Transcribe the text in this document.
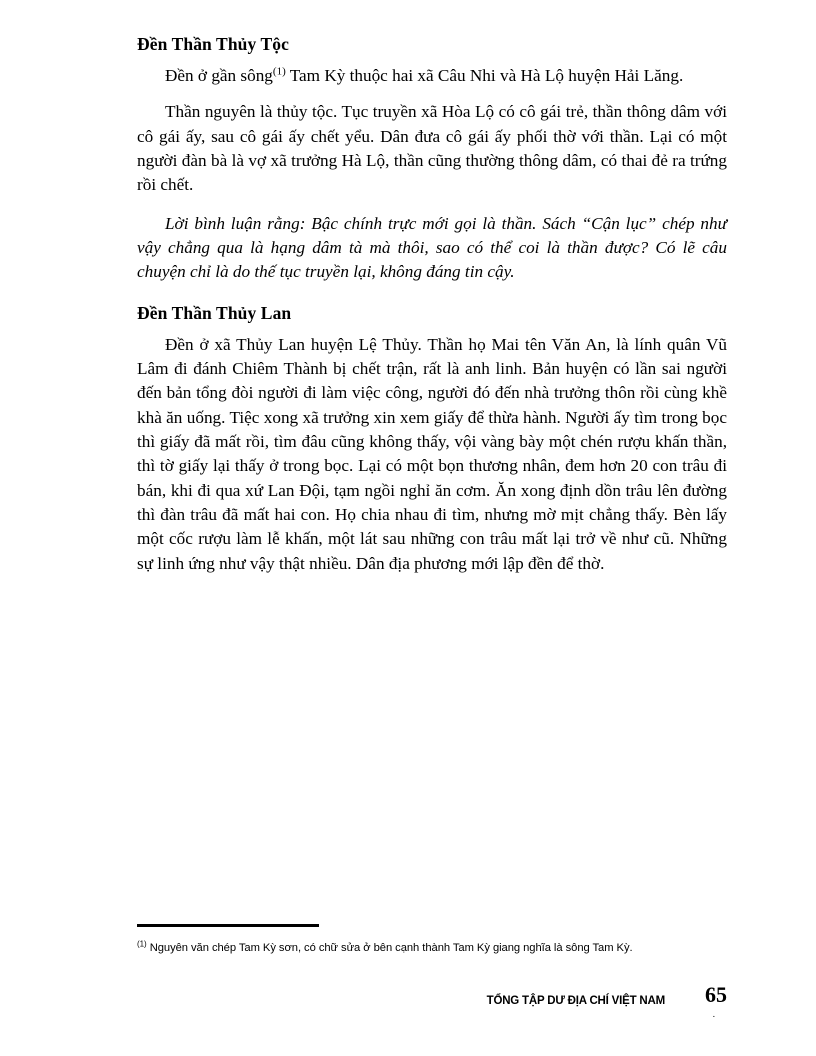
Đền Thần Thủy Tộc

Đền ở gần sông$^{(1)}$ Tam Kỳ thuộc hai xã Câu Nhi và Hà Lộ huyện Hải Lăng.

Thần nguyên là thủy tộc. Tục truyền xã Hòa Lộ có cô gái trẻ, thần thông dâm với cô gái ấy, sau cô gái ấy chết yểu. Dân đưa cô gái ấy phối thờ với thần. Lại có một người đàn bà là vợ xã trưởng Hà Lộ, thần cũng thường thông dâm, có thai đẻ ra trứng rồi chết.

Lời bình luận rằng: Bậc chính trực mới gọi là thần. Sách “Cận lục” chép như vậy chẳng qua là hạng dâm tà mà thôi, sao có thể coi là thần được? Có lẽ câu chuyện chỉ là do thế tục truyền lại, không đáng tin cậy.

Đền Thần Thủy Lan

Đền ở xã Thủy Lan huyện Lệ Thủy. Thần họ Mai tên Văn An, là lính quân Vũ Lâm đi đánh Chiêm Thành bị chết trận, rất là anh linh. Bản huyện có lần sai người đến bản tổng đòi người đi làm việc công, người đó đến nhà trưởng thôn rồi cùng khề khà ăn uống. Tiệc xong xã trưởng xin xem giấy để thừa hành. Người ấy tìm trong bọc thì giấy đã mất rồi, tìm đâu cũng không thấy, vội vàng bày một chén rượu khấn thần, thì tờ giấy lại thấy ở trong bọc. Lại có một bọn thương nhân, đem hơn 20 con trâu đi bán, khi đi qua xứ Lan Đội, tạm ngồi nghỉ ăn cơm. Ăn xong định dồn trâu lên đường thì đàn trâu đã mất hai con. Họ chia nhau đi tìm, nhưng mờ mịt chẳng thấy. Bèn lấy một cốc rượu làm lễ khấn, một lát sau những con trâu mất lại trở về như cũ. Những sự linh ứng như vậy thật nhiều. Dân địa phương mới lập đền để thờ.

$^{(1)}$ Nguyên văn chép Tam Kỳ sơn, có chữ sửa ở bên cạnh thành Tam Kỳ giang nghĩa là sông Tam Kỳ.

TỔNG TẬP DƯ ĐỊA CHÍ VIỆT NAM 65
.
